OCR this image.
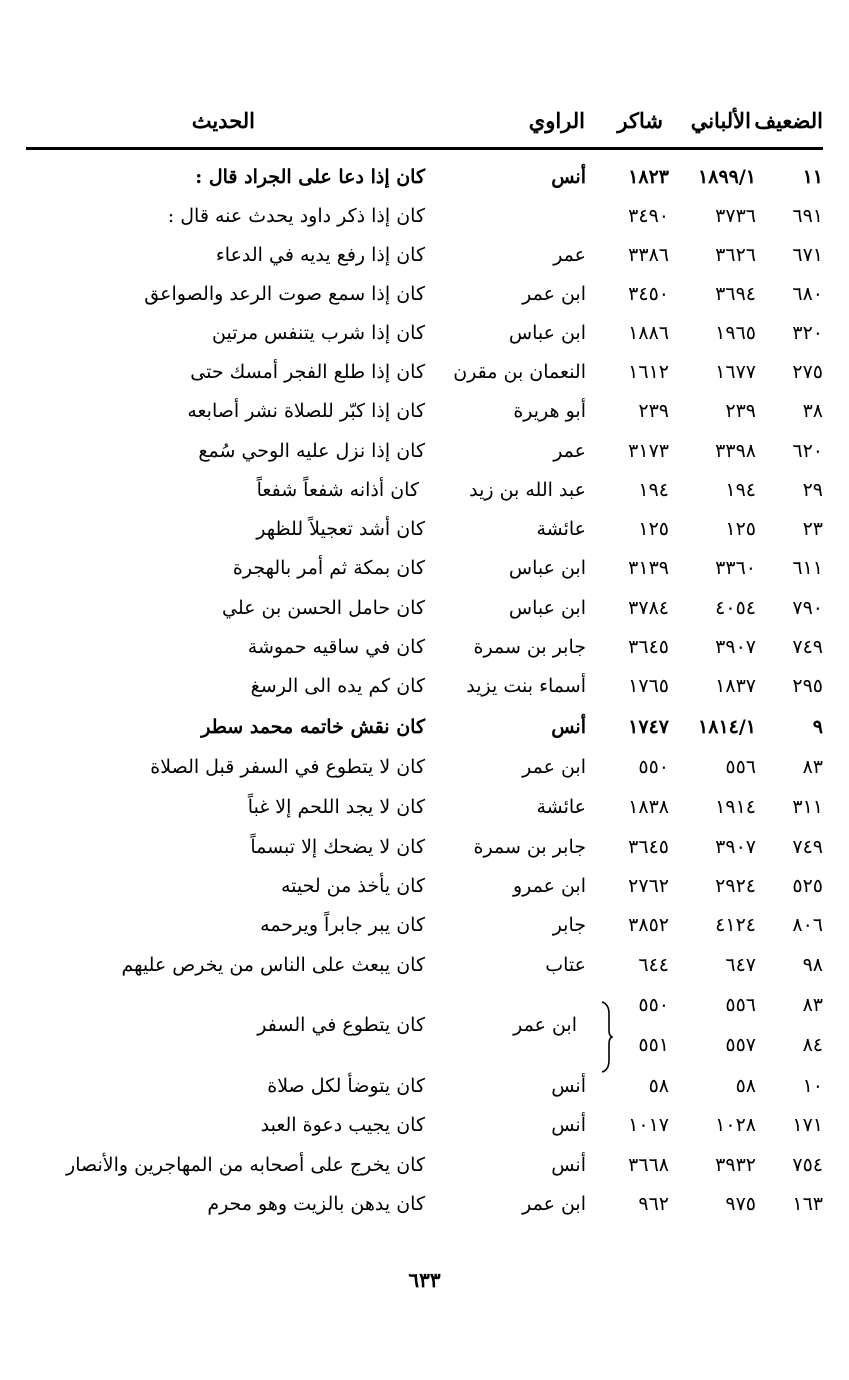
الضعيف
الألباني
شاكر
الراوي
الحديث
١١
١٨٩٩/١
١٨٢٣
أنس
كان إذا دعا على الجراد قال :
٦٩١
٣٧٣٦
٣٤٩٠
كان إذا ذكر داود يحدث عنه قال :
٦٧١
٣٦٢٦
٣٣٨٦
عمر
كان إذا رفع يديه في الدعاء
٦٨٠
٣٦٩٤
٣٤٥٠
ابن عمر
كان إذا سمع صوت الرعد والصواعق
٣٢٠
١٩٦٥
١٨٨٦
ابن عباس
كان إذا شرب يتنفس مرتين
٢٧٥
١٦٧٧
١٦١٢
النعمان بن مقرن
كان إذا طلع الفجر أمسك حتى
٣٨
٢٣٩
٢٣٩
أبو هريرة
كان إذا كبّر للصلاة نشر أصابعه
٦٢٠
٣٣٩٨
٣١٧٣
عمر
كان إذا نزل عليه الوحي سُمع
٢٩
١٩٤
١٩٤
عبد الله بن زيد
كان أذانه شفعاً شفعاً
٢٣
١٢٥
١٢٥
عائشة
كان أشد تعجيلاً للظهر
٦١١
٣٣٦٠
٣١٣٩
ابن عباس
كان بمكة ثم أمر بالهجرة
٧٩٠
٤٠٥٤
٣٧٨٤
ابن عباس
كان حامل الحسن بن علي
٧٤٩
٣٩٠٧
٣٦٤٥
جابر بن سمرة
كان في ساقيه حموشة
٢٩٥
١٨٣٧
١٧٦٥
أسماء بنت يزيد
كان كم يده الى الرسغ
٩
١٨١٤/١
١٧٤٧
أنس
كان نقش خاتمه محمد سطر
٨٣
٥٥٦
٥٥٠
ابن عمر
كان لا يتطوع في السفر قبل الصلاة
٣١١
١٩١٤
١٨٣٨
عائشة
كان لا يجد اللحم إلا غباً
٧٤٩
٣٩٠٧
٣٦٤٥
جابر بن سمرة
كان لا يضحك إلا تبسماً
٥٢٥
٢٩٢٤
٢٧٦٢
ابن عمرو
كان يأخذ من لحيته
٨٠٦
٤١٢٤
٣٨٥٢
جابر
كان يبر جابراً ويرحمه
٩٨
٦٤٧
٦٤٤
عتاب
كان يبعث على الناس من يخرص عليهم
٨٣
٥٥٦
٥٥٠
٨٤
٥٥٧
٥٥١
ابن عمر
كان يتطوع في السفر
١٠
٥٨
٥٨
أنس
كان يتوضأ لكل صلاة
١٧١
١٠٢٨
١٠١٧
أنس
كان يجيب دعوة العبد
٧٥٤
٣٩٣٢
٣٦٦٨
أنس
كان يخرج على أصحابه من المهاجرين والأنصار
١٦٣
٩٧٥
٩٦٢
ابن عمر
كان يدهن بالزيت وهو محرم
٦٣٣
